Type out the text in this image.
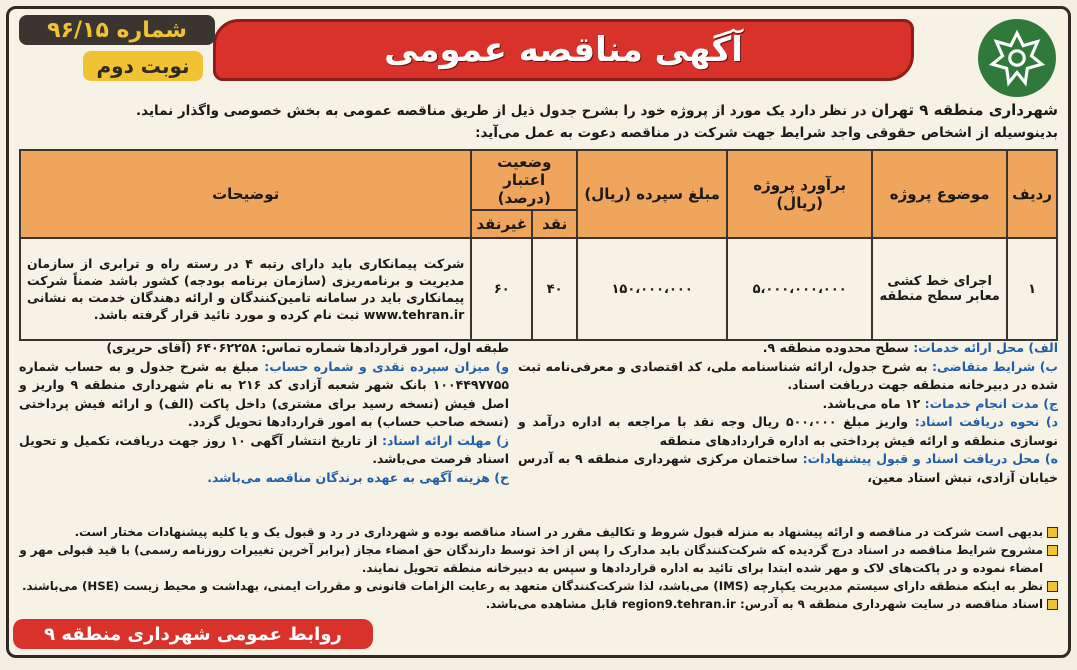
آگهی مناقصه عمومی
شماره ۹۶/۱۵
نوبت دوم
شهرداری منطقه ۹ تهران در نظر دارد یک مورد از پروژه خود را بشرح جدول ذیل از طریق مناقصه عمومی به بخش خصوصی واگذار نماید.
بدینوسیله از اشخاص حقوقی واجد شرایط جهت شرکت در مناقصه دعوت به عمل می‌آید:
ردیف	موضوع پروژه	برآورد پروژه (ریال)	مبلغ سپرده (ریال)	وضعیت اعتبار (درصد)		توضیحات
				نقد	غیرنقد	
۱	اجرای خط کشی معابر سطح منطقه	۵،۰۰۰،۰۰۰،۰۰۰	۱۵۰،۰۰۰،۰۰۰	۴۰	۶۰	شرکت پیمانکاری باید دارای رتبه ۴ در رسته راه و ترابری از سازمان مدیریت و برنامه‌ریزی (سازمان برنامه بودجه) کشور باشد ضمناً شرکت پیمانکاری باید در سامانه تامین‌کنندگان و ارائه دهندگان خدمت به نشانی www.tehran.ir ثبت نام کرده و مورد تائید قرار گرفته باشد.
الف) محل ارائه خدمات: سطح محدوده منطقه ۹.
ب) شرایط متقاضی: به شرح جدول، ارائه شناسنامه ملی، کد اقتصادی و معرفی‌نامه ثبت شده در دبیرخانه منطقه جهت دریافت اسناد.
ج) مدت انجام خدمات: ۱۲ ماه می‌باشد.
د) نحوه دریافت اسناد: واریز مبلغ ۵۰۰،۰۰۰ ریال وجه نقد با مراجعه به اداره درآمد و نوسازی منطقه و ارائه فیش پرداختی به اداره قراردادهای منطقه
ه) محل دریافت اسناد و قبول پیشنهادات: ساختمان مرکزی شهرداری منطقه ۹ به آدرس خیابان آزادی، نبش استاد معین،
طبقه اول، امور قراردادها شماره تماس: ۶۴۰۶۲۲۵۸ (آقای حریری)
و) میزان سپرده نقدی و شماره حساب: مبلغ به شرح جدول و به حساب شماره ۱۰۰۴۴۹۷۷۵۵ بانک شهر شعبه آزادی کد ۲۱۶ به نام شهرداری منطقه ۹ واریز و اصل فیش (نسخه رسید برای مشتری) داخل پاکت (الف) و ارائه فیش پرداختی (نسخه صاحب حساب) به امور قراردادها تحویل گردد.
ز) مهلت ارائه اسناد: از تاریخ انتشار آگهی ۱۰ روز جهت دریافت، تکمیل و تحویل اسناد فرصت می‌باشد.
ح) هزینه آگهی به عهده برندگان مناقصه می‌باشد.
بدیهی است شرکت در مناقصه و ارائه پیشنهاد به منزله قبول شروط و تکالیف مقرر در اسناد مناقصه بوده و شهرداری در رد و قبول یک و یا کلیه پیشنهادات مختار است.
مشروح شرایط مناقصه در اسناد درج گردیده که شرکت‌کنندگان باید مدارک را پس از اخذ توسط دارندگان حق امضاء مجاز (برابر آخرین تغییرات روزنامه رسمی) با قید قبولی مهر و امضاء نموده و در پاکت‌های لاک و مهر شده ابتدا برای تائید به اداره قراردادها و سپس به دبیرخانه منطقه تحویل نمایند.
نظر به اینکه منطقه دارای سیستم مدیریت یکپارچه (IMS) می‌باشد، لذا شرکت‌کنندگان متعهد به رعایت الزامات قانونی و مقررات ایمنی، بهداشت و محیط زیست (HSE) می‌باشند.
اسناد مناقصه در سایت شهرداری منطقه ۹ به آدرس: region9.tehran.ir قابل مشاهده می‌باشد.
روابط عمومی شهرداری منطقه ۹
